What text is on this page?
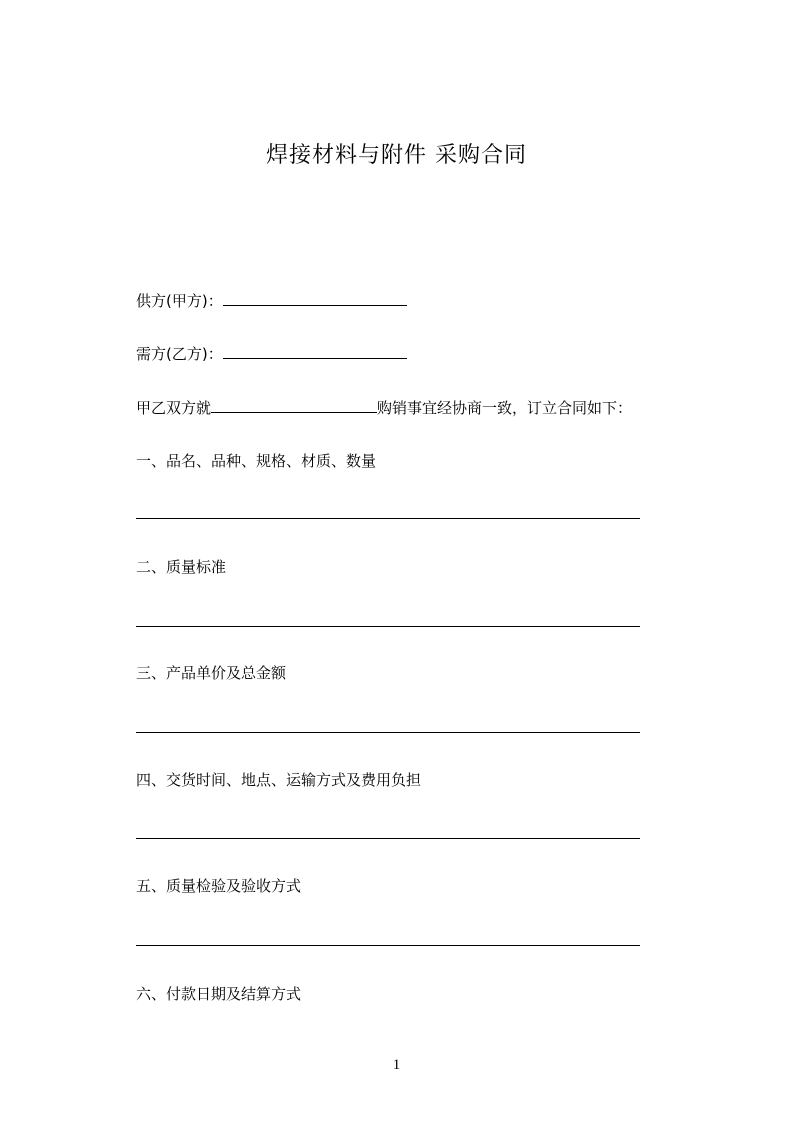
焊接材料与附件 采购合同
供方(甲方)：
需方(乙方)：
甲乙双方就	购销事宜经协商一致，订立合同如下：
一、品名、品种、规格、材质、数量
二、质量标准
三、产品单价及总金额
四、交货时间、地点、运输方式及费用负担
五、质量检验及验收方式
六、付款日期及结算方式
1
